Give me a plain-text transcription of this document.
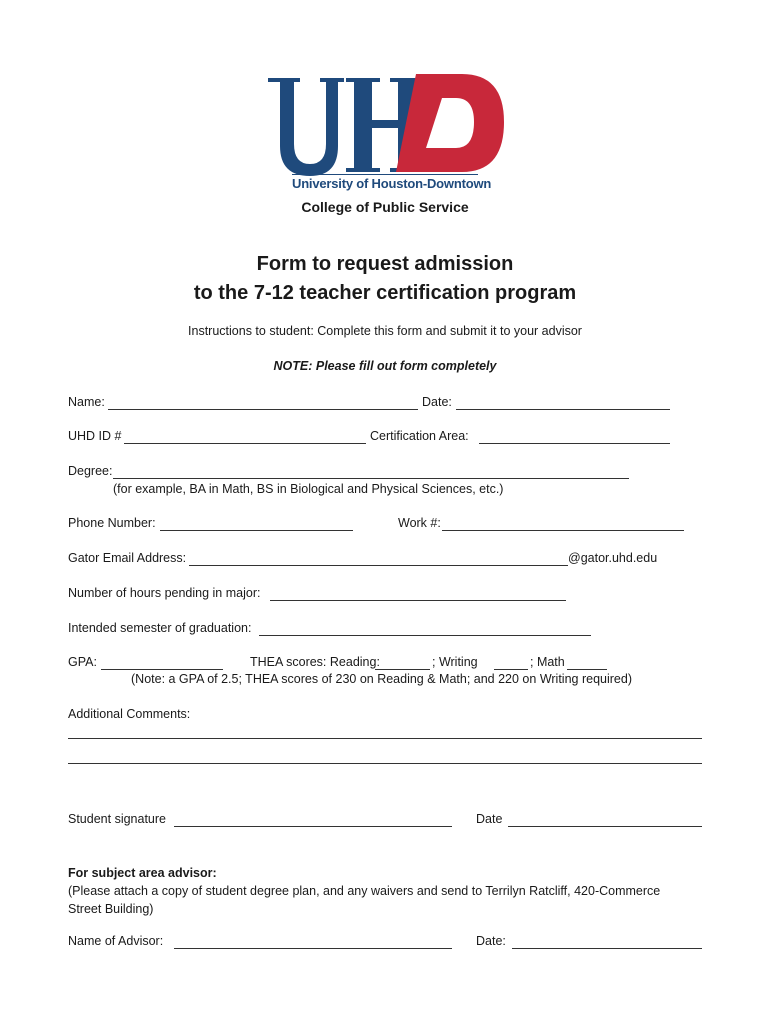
University of Houston-Downtown
College of Public Service
Form to request admission
to the 7-12 teacher certification program
Instructions to student: Complete this form and submit it to your advisor
NOTE: Please fill out form completely
Name:	Date:
UHD ID #	Certification Area:
Degree:
(for example, BA in Math, BS in Biological and Physical Sciences, etc.)
Phone Number:	Work #:
Gator Email Address:	@gator.uhd.edu
Number of hours pending in major:
Intended semester of graduation:
GPA:	THEA scores: Reading:	; Writing	; Math
(Note: a GPA of 2.5; THEA scores of 230 on Reading & Math; and 220 on Writing required)
Additional Comments:
Student signature	Date
For subject area advisor:
(Please attach a copy of student degree plan, and any waivers and send to Terrilyn Ratcliff, 420-Commerce
Street Building)
Name of Advisor:	Date:
